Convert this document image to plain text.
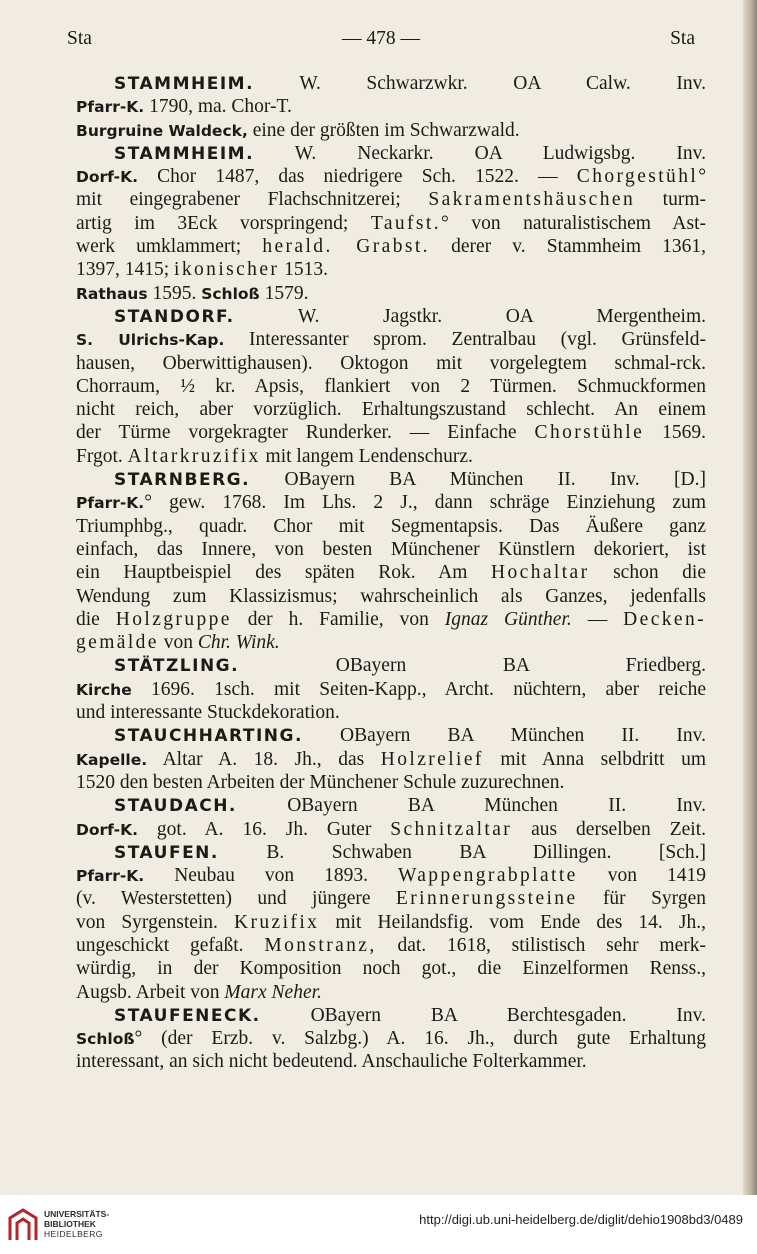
Sta	— 478 —	Sta
STAMMHEIM. W. Schwarzwkr. OA Calw. Inv.
Pfarr-K. 1790, ma. Chor-T.
Burgruine Waldeck, eine der größten im Schwarzwald.
STAMMHEIM. W. Neckarkr. OA Ludwigsbg. Inv.
Dorf-K. Chor 1487, das niedrigere Sch. 1522. — Chorgestühl°
mit eingegrabener Flachschnitzerei; Sakramentshäuschen turm-
artig im 3Eck vorspringend; Taufst.° von naturalistischem Ast-
werk umklammert; herald. Grabst. derer v. Stammheim 1361,
1397, 1415; ikonischer 1513.
Rathaus 1595. Schloß 1579.
STANDORF. W. Jagstkr. OA Mergentheim.
S. Ulrichs-Kap. Interessanter sprom. Zentralbau (vgl. Grünsfeld-
hausen, Oberwittighausen). Oktogon mit vorgelegtem schmal-rck.
Chorraum, ½ kr. Apsis, flankiert von 2 Türmen. Schmuckformen
nicht reich, aber vorzüglich. Erhaltungszustand schlecht. An einem
der Türme vorgekragter Runderker. — Einfache Chorstühle 1569.
Frgot. Altarkruzifix mit langem Lendenschurz.
STARNBERG. OBayern BA München II. Inv. [D.]
Pfarr-K.° gew. 1768. Im Lhs. 2 J., dann schräge Einziehung zum
Triumphbg., quadr. Chor mit Segmentapsis. Das Äußere ganz
einfach, das Innere, von besten Münchener Künstlern dekoriert, ist
ein Hauptbeispiel des späten Rok. Am Hochaltar schon die
Wendung zum Klassizismus; wahrscheinlich als Ganzes, jedenfalls
die Holzgruppe der h. Familie, von Ignaz Günther. — Decken-
gemälde von Chr. Wink.
STÄTZLING. OBayern BA Friedberg.
Kirche 1696. 1sch. mit Seiten-Kapp., Archt. nüchtern, aber reiche
und interessante Stuckdekoration.
STAUCHHARTING. OBayern BA München II. Inv.
Kapelle. Altar A. 18. Jh., das Holzrelief mit Anna selbdritt um
1520 den besten Arbeiten der Münchener Schule zuzurechnen.
STAUDACH. OBayern BA München II. Inv.
Dorf-K. got. A. 16. Jh. Guter Schnitzaltar aus derselben Zeit.
STAUFEN. B. Schwaben BA Dillingen. [Sch.]
Pfarr-K. Neubau von 1893. Wappengrabplatte von 1419
(v. Westerstetten) und jüngere Erinnerungssteine für Syrgen
von Syrgenstein. Kruzifix mit Heilandsfig. vom Ende des 14. Jh.,
ungeschickt gefaßt. Monstranz, dat. 1618, stilistisch sehr merk-
würdig, in der Komposition noch got., die Einzelformen Renss.,
Augsb. Arbeit von Marx Neher.
STAUFENECK. OBayern BA Berchtesgaden. Inv.
Schloß° (der Erzb. v. Salzbg.) A. 16. Jh., durch gute Erhaltung
interessant, an sich nicht bedeutend. Anschauliche Folterkammer.
UNIVERSITÄTS-
BIBLIOTHEK
HEIDELBERG
http://digi.ub.uni-heidelberg.de/diglit/dehio1908bd3/0489
